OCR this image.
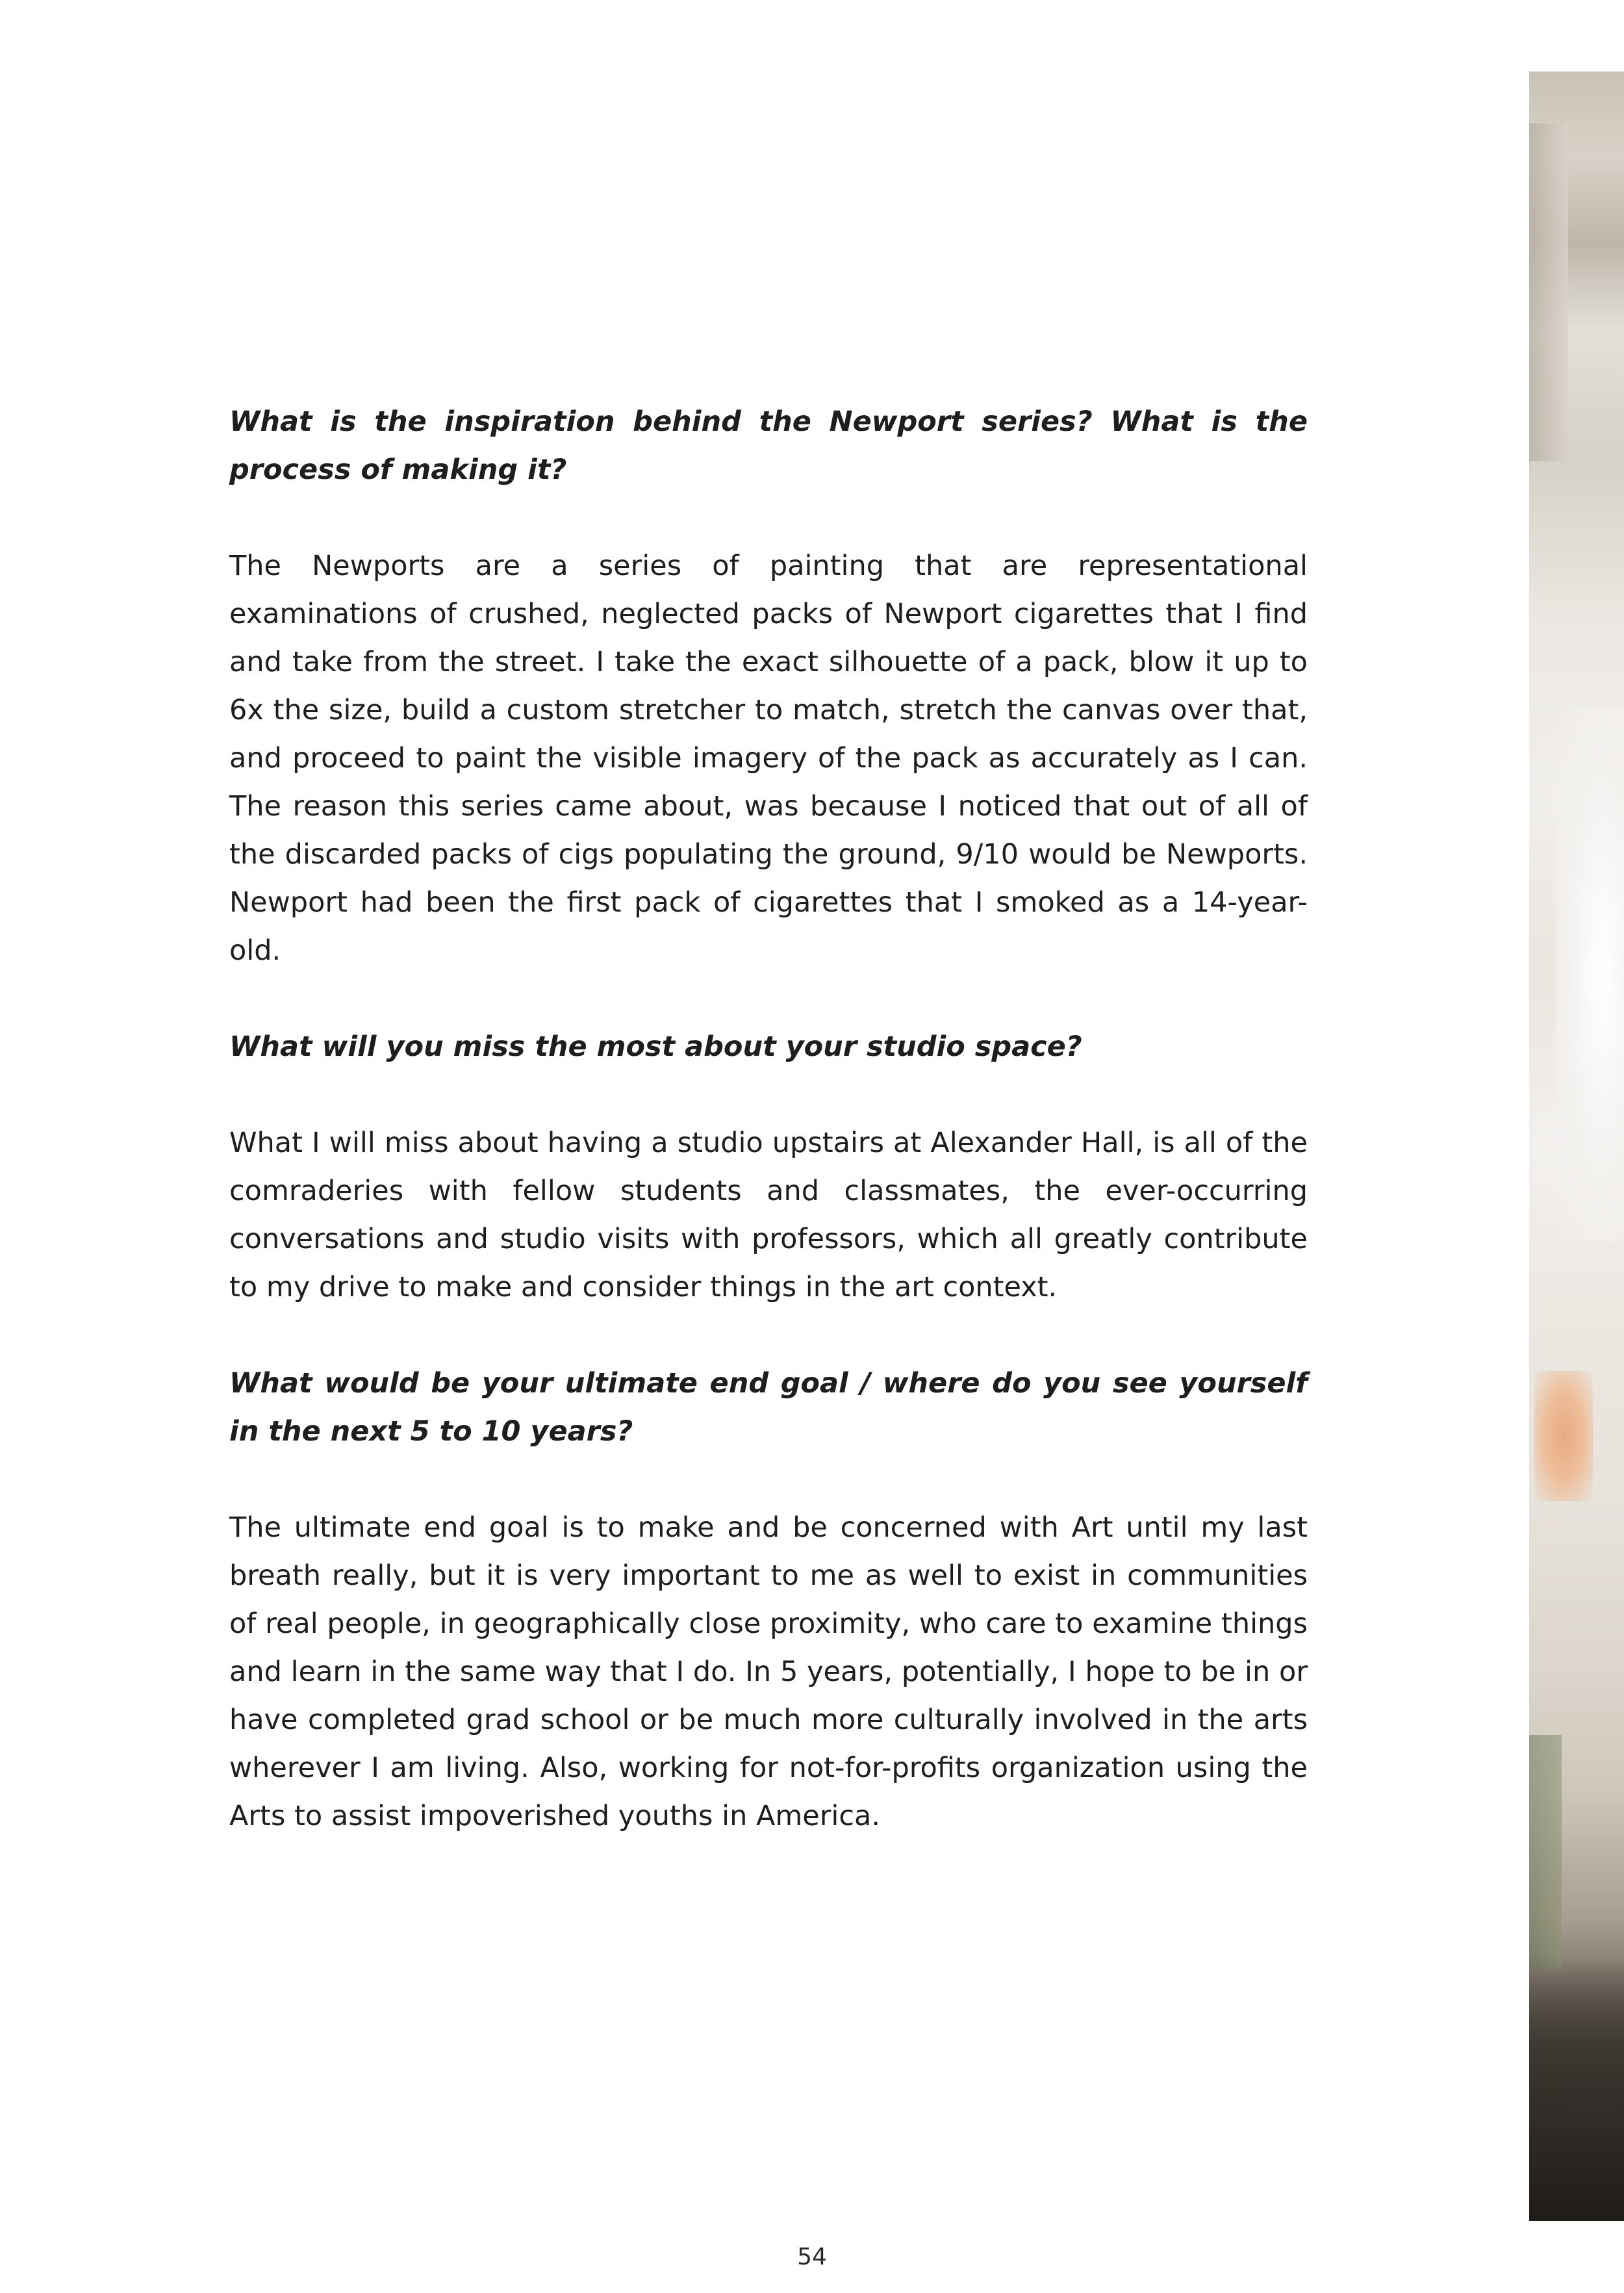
What is the inspiration behind the Newport series? What is the process of making it?

The Newports are a series of painting that are representational examinations of crushed, neglected packs of Newport cigarettes that I find and take from the street. I take the exact silhouette of a pack, blow it up to 6x the size, build a custom stretcher to match, stretch the canvas over that, and proceed to paint the visible imagery of the pack as accurately as I can. The reason this series came about, was because I noticed that out of all of the discarded packs of cigs populating the ground, 9/10 would be Newports. Newport had been the first pack of cigarettes that I smoked as a 14-year-old.

What will you miss the most about your studio space?

What I will miss about having a studio upstairs at Alexander Hall, is all of the comraderies with fellow students and classmates, the ever-occurring conversations and studio visits with professors, which all greatly contribute to my drive to make and consider things in the art context.

What would be your ultimate end goal / where do you see yourself in the next 5 to 10 years?

The ultimate end goal is to make and be concerned with Art until my last breath really, but it is very important to me as well to exist in communities of real people, in geographically close proximity, who care to examine things and learn in the same way that I do. In 5 years, potentially, I hope to be in or have completed grad school or be much more culturally involved in the arts wherever I am living. Also, working for not-for-profits organization using the Arts to assist impoverished youths in America.

54
